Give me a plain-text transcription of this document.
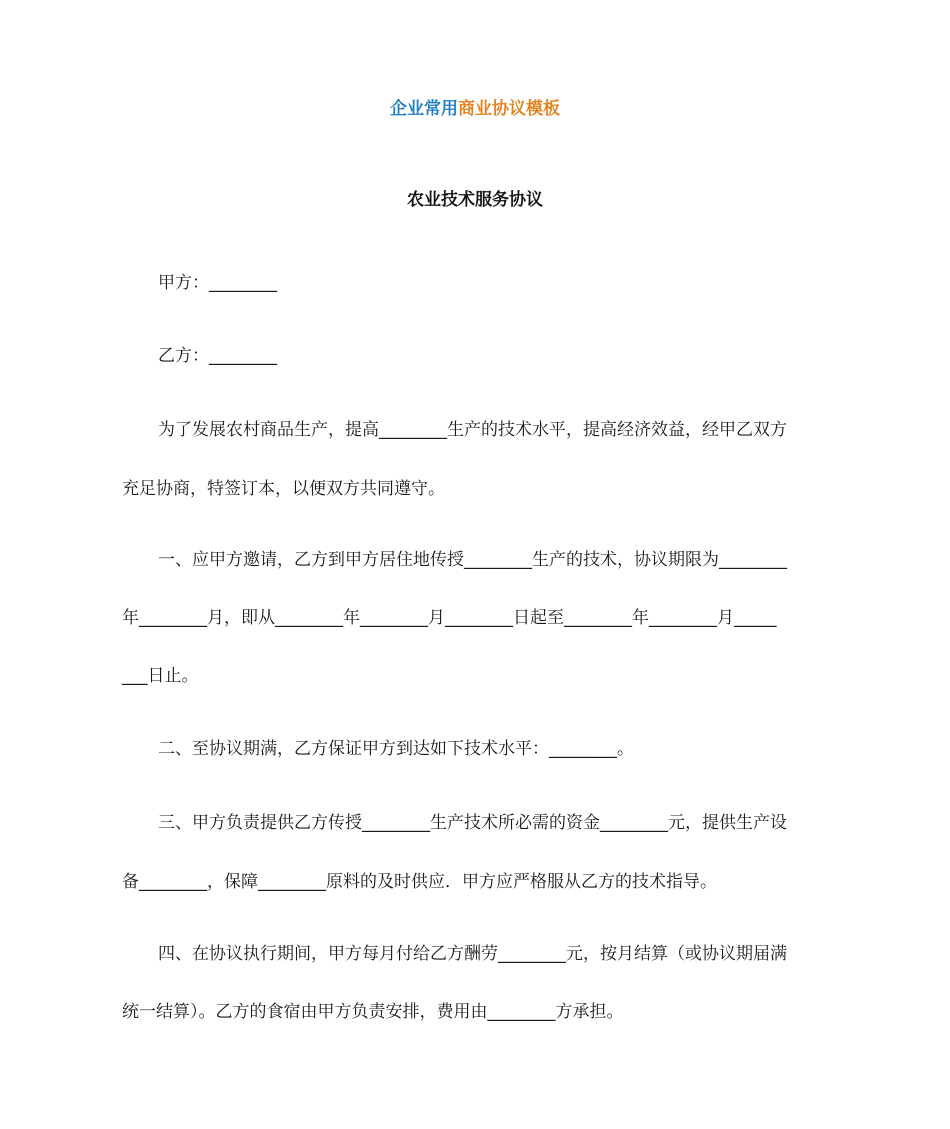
企业常用商业协议模板
农业技术服务协议
甲方：________
乙方：________
为了发展农村商品生产，提高________生产的技术水平，提高经济效益，经甲乙双方
充足协商，特签订本，以便双方共同遵守。
一、应甲方邀请，乙方到甲方居住地传授________生产的技术，协议期限为________
年________月，即从________年________月________日起至________年________月_____
___日止。
二、至协议期满，乙方保证甲方到达如下技术水平：________。
三、甲方负责提供乙方传授________生产技术所必需的资金________元，提供生产设
备________，保障________原料的及时供应．甲方应严格服从乙方的技术指导。
四、在协议执行期间，甲方每月付给乙方酬劳________元，按月结算（或协议期届满
统一结算）。乙方的食宿由甲方负责安排，费用由________方承担。
